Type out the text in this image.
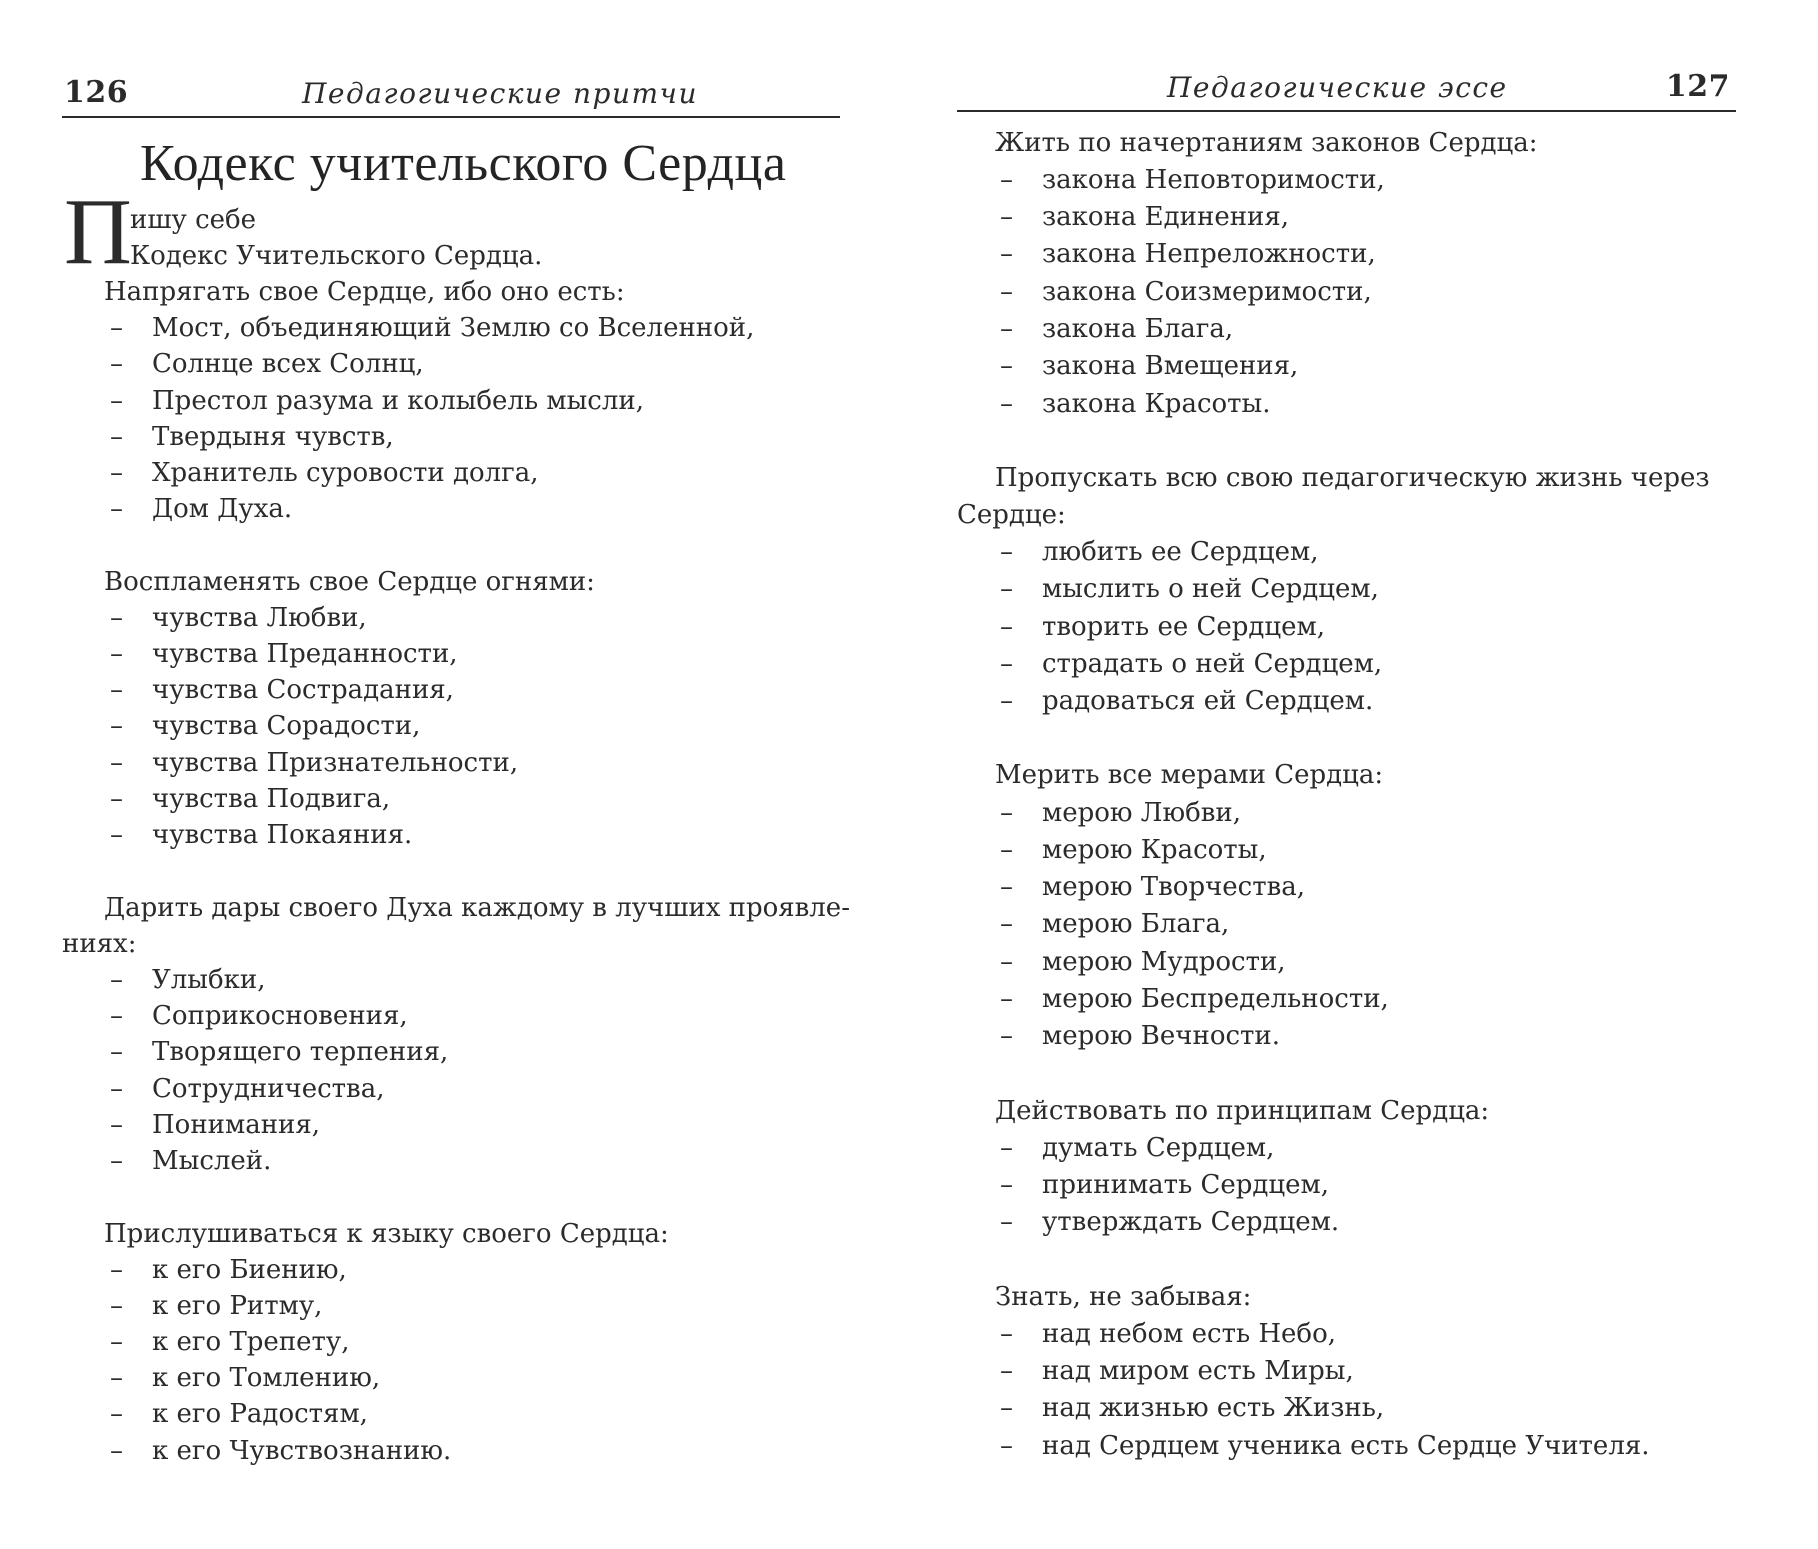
126	Педагогические притчи
Кодекс учительского Сердца
П
ишу себе
Кодекс Учительского Сердца.
Напрягать свое Сердце, ибо оно есть:
– Мост, объединяющий Землю со Вселенной,
– Солнце всех Солнц,
– Престол разума и колыбель мысли,
– Твердыня чувств,
– Хранитель суровости долга,
– Дом Духа.
Воспламенять свое Сердце огнями:
– чувства Любви,
– чувства Преданности,
– чувства Сострадания,
– чувства Сорадости,
– чувства Признательности,
– чувства Подвига,
– чувства Покаяния.
Дарить дары своего Духа каждому в лучших проявле-
ниях:
– Улыбки,
– Соприкосновения,
– Творящего терпения,
– Сотрудничества,
– Понимания,
– Мыслей.
Прислушиваться к языку своего Сердца:
– к его Биению,
– к его Ритму,
– к его Трепету,
– к его Томлению,
– к его Радостям,
– к его Чувствознанию.
Педагогические эссе	127
Жить по начертаниям законов Сердца:
– закона Неповторимости,
– закона Единения,
– закона Непреложности,
– закона Соизмеримости,
– закона Блага,
– закона Вмещения,
– закона Красоты.
Пропускать всю свою педагогическую жизнь через
Сердце:
– любить ее Сердцем,
– мыслить о ней Сердцем,
– творить ее Сердцем,
– страдать о ней Сердцем,
– радоваться ей Сердцем.
Мерить все мерами Сердца:
– мерою Любви,
– мерою Красоты,
– мерою Творчества,
– мерою Блага,
– мерою Мудрости,
– мерою Беспредельности,
– мерою Вечности.
Действовать по принципам Сердца:
– думать Сердцем,
– принимать Сердцем,
– утверждать Сердцем.
Знать, не забывая:
– над небом есть Небо,
– над миром есть Миры,
– над жизнью есть Жизнь,
– над Сердцем ученика есть Сердце Учителя.
